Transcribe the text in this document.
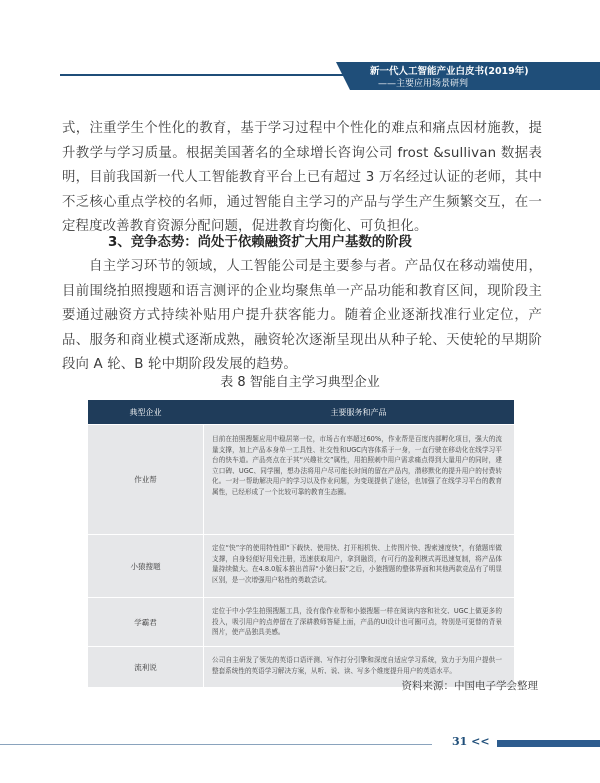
新一代人工智能产业白皮书(2019年)
——主要应用场景研判
式，注重学生个性化的教育，基于学习过程中个性化的难点和痛点因材施教，提升教学与学习质量。根据美国著名的全球增长咨询公司 frost &sullivan 数据表明，目前我国新一代人工智能教育平台上已有超过 3 万名经过认证的老师，其中不乏核心重点学校的名师，通过智能自主学习的产品与学生产生频繁交互，在一定程度改善教育资源分配问题，促进教育均衡化、可负担化。
3、竞争态势：尚处于依赖融资扩大用户基数的阶段
自主学习环节的领域，人工智能公司是主要参与者。产品仅在移动端使用，目前围绕拍照搜题和语言测评的企业均聚焦单一产品功能和教育区间，现阶段主要通过融资方式持续补贴用户提升获客能力。随着企业逐渐找准行业定位，产品、服务和商业模式逐渐成熟，融资轮次逐渐呈现出从种子轮、天使轮的早期阶段向 A 轮、B 轮中期阶段发展的趋势。
表 8 智能自主学习典型企业
典型企业	主要服务和产品
作业帮
目前在拍照搜题应用中稳居第一位，市场占有率超过60%，作业帮是百度内部孵化项目，强大的流量支撑，加上产品本身单一工具性、社交性和UGC内容体系于一身，一直行驶在移动化在线学习平台的快车道。产品亮点在于其“兴趣社交”属性，用拍照刺中用户需求痛点得到大量用户的同时，建立口碑、UGC、同学圈，想办法将用户尽可能长时间的留在产品内，潜移默化的提升用户的付费转化。一对一帮助解决用户的学习以及作业问题，为变现提供了途径，也加强了在线学习平台的教育属性，已经形成了一个比较可靠的教育生态圈。
小猿搜题
定位“快”字的使用特性即“下载快、使用快、打开相机快、上传图片快、搜索速度快”，有猿题库做支撑，自身轻便好用免注册，迅速获取用户，拿到融资，有可行的盈利模式再迅速复制，将产品体量持续做大。在4.8.0版本推出首屏“小猿日报”之后，小猿搜题的整体界面和其他两款竞品有了明显区别，是一次增强用户粘性的勇敢尝试。
学霸君
定位于中小学生拍照搜题工具，没有像作业帮和小猿搜题一样在阅读内容和社交、UGC上做更多的投入，吸引用户的点停留在了深耕教师答疑上面，产品的UI设计也可圈可点，特别是可更替的背景图片，使产品独具美感。
流利说
公司自主研发了领先的英语口语评测、写作打分引擎和深度自适应学习系统，致力于为用户提供一整套系统性的英语学习解决方案，从听、说、读、写多个维度提升用户的英语水平。
资料来源：中国电子学会整理
31 <<
